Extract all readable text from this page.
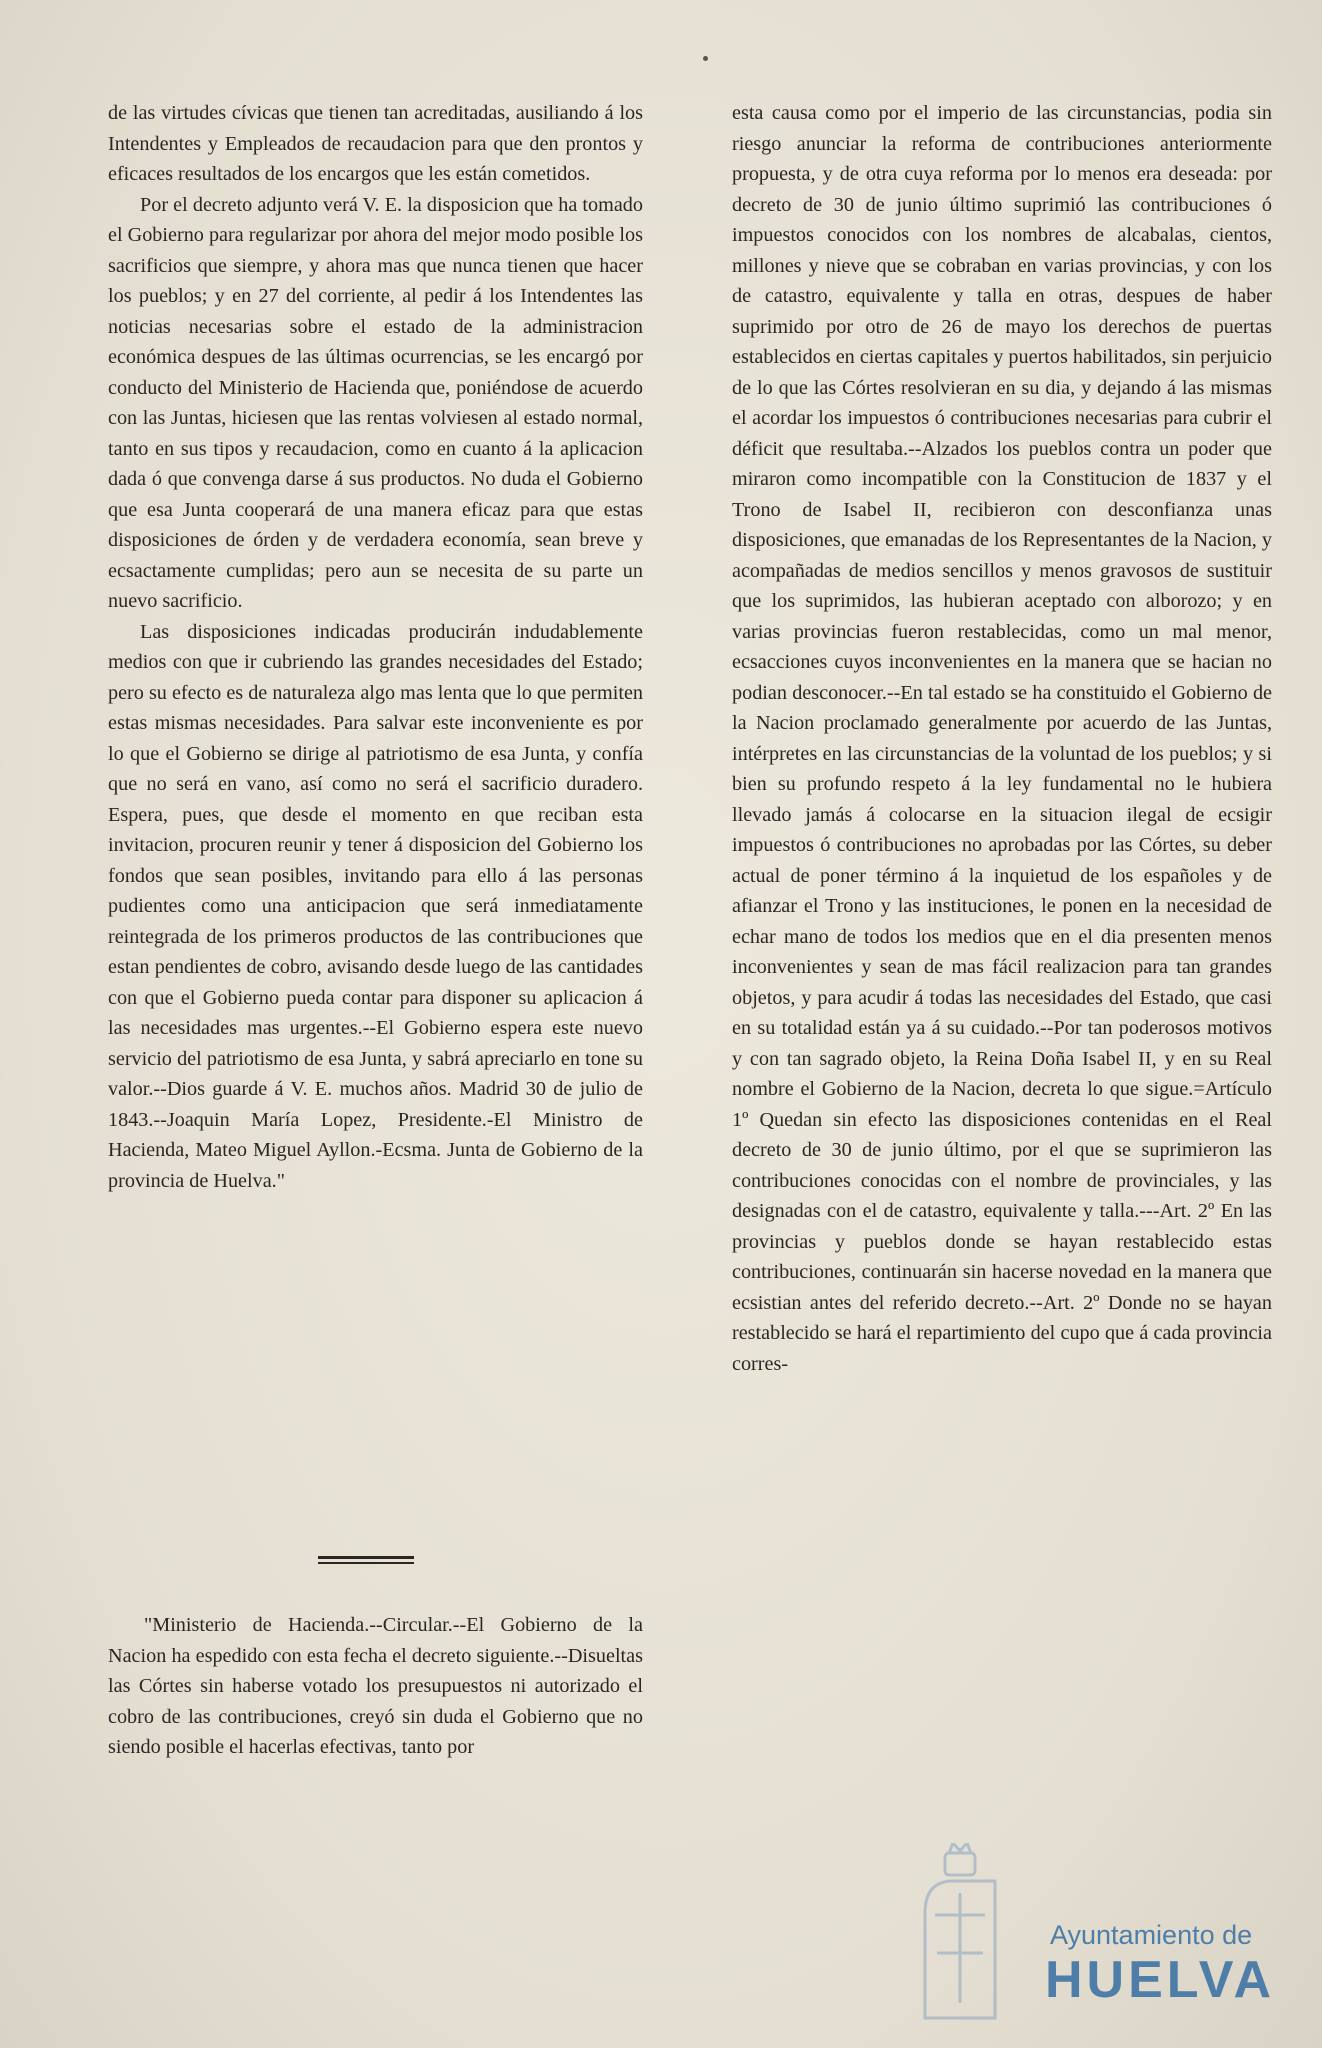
de las virtudes cívicas que tienen tan acreditadas, ausiliando á los Intendentes y Empleados de recaudacion para que den prontos y eficaces resultados de los encargos que les están cometidos.

Por el decreto adjunto verá V. E. la disposicion que ha tomado el Gobierno para regularizar por ahora del mejor modo posible los sacrificios que siempre, y ahora mas que nunca tienen que hacer los pueblos; y en 27 del corriente, al pedir á los Intendentes las noticias necesarias sobre el estado de la administracion económica despues de las últimas ocurrencias, se les encargó por conducto del Ministerio de Hacienda que, poniéndose de acuerdo con las Juntas, hiciesen que las rentas volviesen al estado normal, tanto en sus tipos y recaudacion, como en cuanto á la aplicacion dada ó que convenga darse á sus productos. No duda el Gobierno que esa Junta cooperará de una manera eficaz para que estas disposiciones de órden y de verdadera economía, sean breve y ecsactamente cumplidas; pero aun se necesita de su parte un nuevo sacrificio.

Las disposiciones indicadas producirán indudablemente medios con que ir cubriendo las grandes necesidades del Estado; pero su efecto es de naturaleza algo mas lenta que lo que permiten estas mismas necesidades. Para salvar este inconveniente es por lo que el Gobierno se dirige al patriotismo de esa Junta, y confía que no será en vano, así como no será el sacrificio duradero. Espera, pues, que desde el momento en que reciban esta invitacion, procuren reunir y tener á disposicion del Gobierno los fondos que sean posibles, invitando para ello á las personas pudientes como una anticipacion que será inmediatamente reintegrada de los primeros productos de las contribuciones que estan pendientes de cobro, avisando desde luego de las cantidades con que el Gobierno pueda contar para disponer su aplicacion á las necesidades mas urgentes.--El Gobierno espera este nuevo servicio del patriotismo de esa Junta, y sabrá apreciarlo en tone su valor.--Dios guarde á V. E. muchos años. Madrid 30 de julio de 1843.--Joaquin María Lopez, Presidente.-El Ministro de Hacienda, Mateo Miguel Ayllon.-Ecsma. Junta de Gobierno de la provincia de Huelva."

"Ministerio de Hacienda.--Circular.--El Gobierno de la Nacion ha espedido con esta fecha el decreto siguiente.--Disueltas las Córtes sin haberse votado los presupuestos ni autorizado el cobro de las contribuciones, creyó sin duda el Gobierno que no siendo posible el hacerlas efectivas, tanto por

esta causa como por el imperio de las circunstancias, podia sin riesgo anunciar la reforma de contribuciones anteriormente propuesta, y de otra cuya reforma por lo menos era deseada: por decreto de 30 de junio último suprimió las contribuciones ó impuestos conocidos con los nombres de alcabalas, cientos, millones y nieve que se cobraban en varias provincias, y con los de catastro, equivalente y talla en otras, despues de haber suprimido por otro de 26 de mayo los derechos de puertas establecidos en ciertas capitales y puertos habilitados, sin perjuicio de lo que las Córtes resolvieran en su dia, y dejando á las mismas el acordar los impuestos ó contribuciones necesarias para cubrir el déficit que resultaba.--Alzados los pueblos contra un poder que miraron como incompatible con la Constitucion de 1837 y el Trono de Isabel II, recibieron con desconfianza unas disposiciones, que emanadas de los Representantes de la Nacion, y acompañadas de medios sencillos y menos gravosos de sustituir que los suprimidos, las hubieran aceptado con alborozo; y en varias provincias fueron restablecidas, como un mal menor, ecsacciones cuyos inconvenientes en la manera que se hacian no podian desconocer.--En tal estado se ha constituido el Gobierno de la Nacion proclamado generalmente por acuerdo de las Juntas, intérpretes en las circunstancias de la voluntad de los pueblos; y si bien su profundo respeto á la ley fundamental no le hubiera llevado jamás á colocarse en la situacion ilegal de ecsigir impuestos ó contribuciones no aprobadas por las Córtes, su deber actual de poner término á la inquietud de los españoles y de afianzar el Trono y las instituciones, le ponen en la necesidad de echar mano de todos los medios que en el dia presenten menos inconvenientes y sean de mas fácil realizacion para tan grandes objetos, y para acudir á todas las necesidades del Estado, que casi en su totalidad están ya á su cuidado.--Por tan poderosos motivos y con tan sagrado objeto, la Reina Doña Isabel II, y en su Real nombre el Gobierno de la Nacion, decreta lo que sigue.=Artículo 1º Quedan sin efecto las disposiciones contenidas en el Real decreto de 30 de junio último, por el que se suprimieron las contribuciones conocidas con el nombre de provinciales, y las designadas con el de catastro, equivalente y talla.---Art. 2º En las provincias y pueblos donde se hayan restablecido estas contribuciones, continuarán sin hacerse novedad en la manera que ecsistian antes del referido decreto.--Art. 2º Donde no se hayan restablecido se hará el repartimiento del cupo que á cada provincia corres-

Ayuntamiento de
HUELVA
